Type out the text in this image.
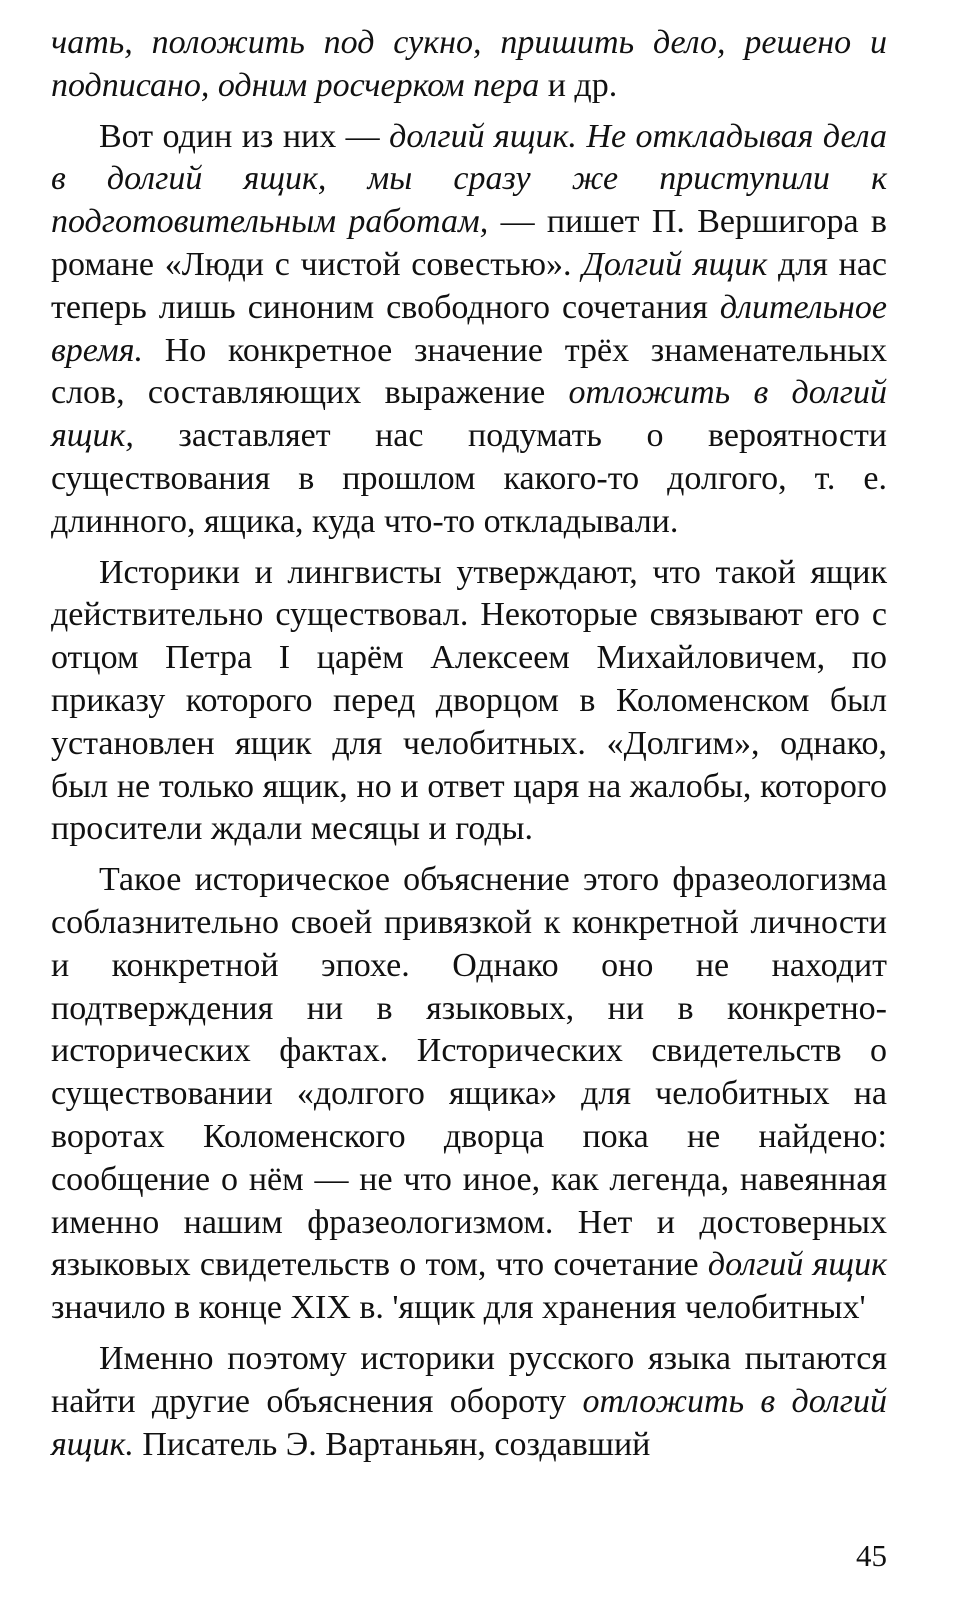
чать, положить под сукно, пришить дело, решено и подписано, одним росчерком пера и др.

Вот один из них — долгий ящик. Не откладывая дела в долгий ящик, мы сразу же приступили к подготовительным работам, — пишет П. Вершигора в романе «Люди с чистой совестью». Долгий ящик для нас теперь лишь синоним свободного сочетания длительное время. Но конкретное значение трёх знаменательных слов, составляющих выражение отложить в долгий ящик, заставляет нас подумать о вероятности существования в прошлом какого-то долгого, т. е. длинного, ящика, куда что-то откладывали.

Историки и лингвисты утверждают, что такой ящик действительно существовал. Некоторые связывают его с отцом Петра I царём Алексеем Михайловичем, по приказу которого перед дворцом в Коломенском был установлен ящик для челобитных. «Долгим», однако, был не только ящик, но и ответ царя на жалобы, которого просители ждали месяцы и годы.

Такое историческое объяснение этого фразеологизма соблазнительно своей привязкой к конкретной личности и конкретной эпохе. Однако оно не находит подтверждения ни в языковых, ни в конкретно-исторических фактах. Исторических свидетельств о существовании «долгого ящика» для челобитных на воротах Коломенского дворца пока не найдено: сообщение о нём — не что иное, как легенда, навеянная именно нашим фразеологизмом. Нет и достоверных языковых свидетельств о том, что сочетание долгий ящик значило в конце XIX в. 'ящик для хранения челобитных'

Именно поэтому историки русского языка пытаются найти другие объяснения обороту отложить в долгий ящик. Писатель Э. Вартаньян, создавший

45
